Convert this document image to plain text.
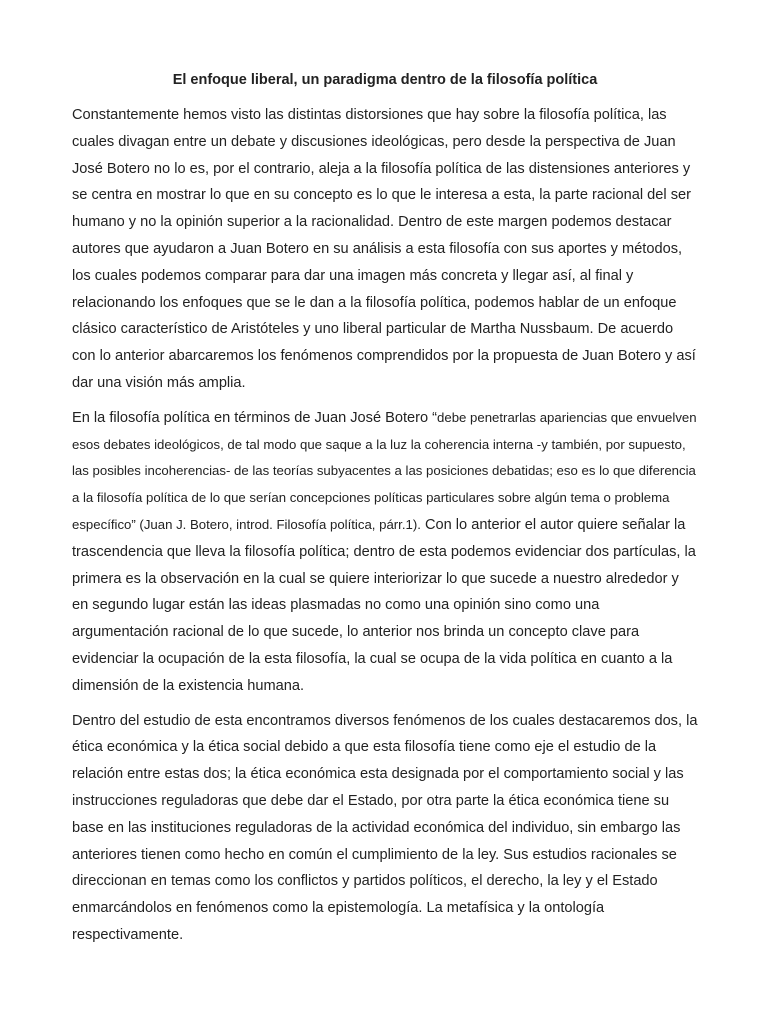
El enfoque liberal, un paradigma dentro de la filosofía política

Constantemente hemos visto las distintas distorsiones que hay sobre la filosofía política, las cuales divagan entre un debate y discusiones ideológicas, pero desde la perspectiva de Juan José Botero no lo es, por el contrario, aleja a la filosofía política de las distensiones anteriores y se centra en mostrar lo que en su concepto es lo que le interesa a esta, la parte racional del ser humano y no la opinión superior a la racionalidad. Dentro de este margen podemos destacar autores que ayudaron a Juan Botero en su análisis a esta filosofía con sus aportes y métodos, los cuales podemos comparar para dar una imagen más concreta y llegar así, al final y relacionando los enfoques que se le dan a la filosofía política, podemos hablar de un enfoque clásico característico de Aristóteles y uno liberal particular de Martha Nussbaum. De acuerdo con lo anterior abarcaremos los fenómenos comprendidos por la propuesta de Juan Botero y así dar una visión más amplia.

En la filosofía política en términos de Juan José Botero “debe penetrarlas apariencias que envuelven esos debates ideológicos, de tal modo que saque a la luz la coherencia interna -y también, por supuesto, las posibles incoherencias- de las teorías subyacentes a las posiciones debatidas; eso es lo que diferencia a la filosofía política de lo que serían concepciones políticas particulares sobre algún tema o problema específico” (Juan J. Botero, introd. Filosofía política, párr.1). Con lo anterior el autor quiere señalar la trascendencia que lleva la filosofía política; dentro de esta podemos evidenciar dos partículas, la primera es la observación en la cual se quiere interiorizar lo que sucede a nuestro alrededor y en segundo lugar están las ideas plasmadas no como una opinión sino como una argumentación racional de lo que sucede, lo anterior nos brinda un concepto clave para evidenciar la ocupación de la esta filosofía, la cual se ocupa de la vida política en cuanto a la dimensión de la existencia humana.

Dentro del estudio de esta encontramos diversos fenómenos de los cuales destacaremos dos, la ética económica y la ética social debido a que esta filosofía tiene como eje el estudio de la relación entre estas dos; la ética económica esta designada por el comportamiento social y las instrucciones reguladoras que debe dar el Estado, por otra parte la ética económica tiene su base en las instituciones reguladoras de la actividad económica del individuo, sin embargo las anteriores tienen como hecho en común el cumplimiento de la ley. Sus estudios racionales se direccionan en temas como los conflictos y partidos políticos, el derecho, la ley y el Estado enmarcándolos en fenómenos como la epistemología. La metafísica y la ontología respectivamente.
